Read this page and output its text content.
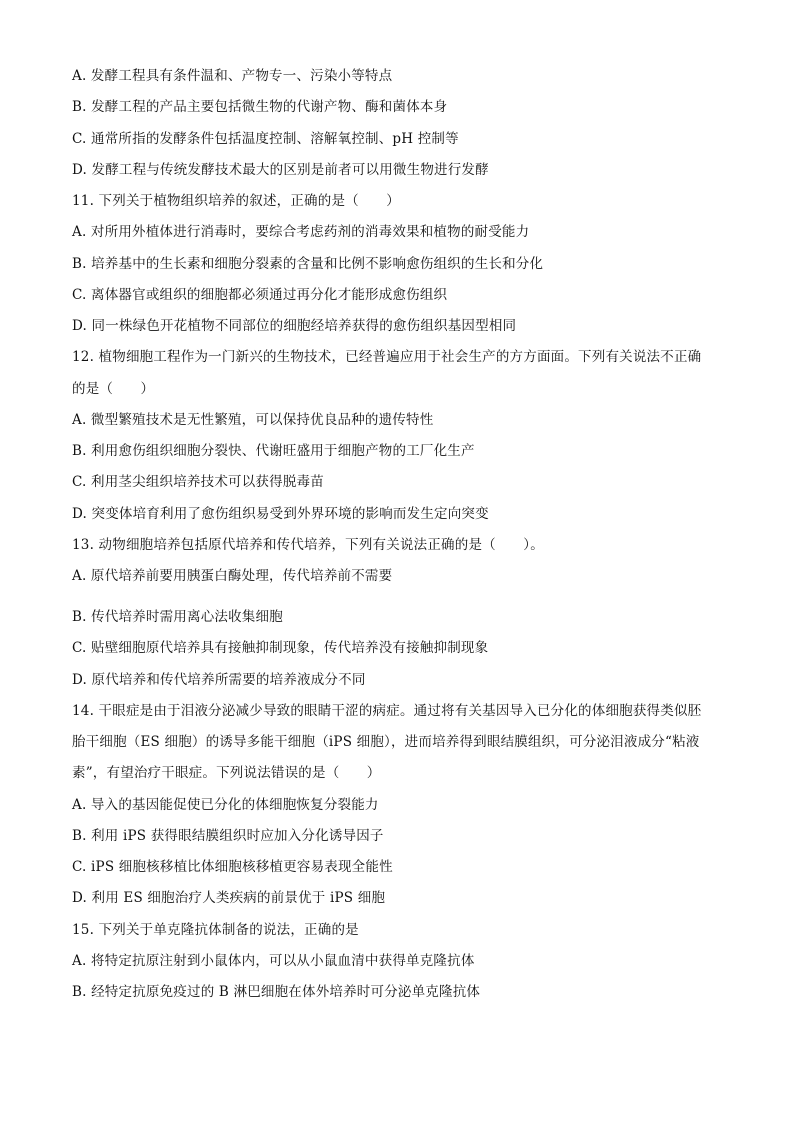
A. 发酵工程具有条件温和、产物专一、污染小等特点
B. 发酵工程的产品主要包括微生物的代谢产物、酶和菌体本身
C. 通常所指的发酵条件包括温度控制、溶解氧控制、pH 控制等
D. 发酵工程与传统发酵技术最大的区别是前者可以用微生物进行发酵
11. 下列关于植物组织培养的叙述，正确的是（　　）
A. 对所用外植体进行消毒时，要综合考虑药剂的消毒效果和植物的耐受能力
B. 培养基中的生长素和细胞分裂素的含量和比例不影响愈伤组织的生长和分化
C. 离体器官或组织的细胞都必须通过再分化才能形成愈伤组织
D. 同一株绿色开花植物不同部位的细胞经培养获得的愈伤组织基因型相同
12. 植物细胞工程作为一门新兴的生物技术，已经普遍应用于社会生产的方方面面。下列有关说法不正确
的是（　　）
A. 微型繁殖技术是无性繁殖，可以保持优良品种的遗传特性
B. 利用愈伤组织细胞分裂快、代谢旺盛用于细胞产物的工厂化生产
C. 利用茎尖组织培养技术可以获得脱毒苗
D. 突变体培育利用了愈伤组织易受到外界环境的影响而发生定向突变
13. 动物细胞培养包括原代培养和传代培养，下列有关说法正确的是（　　）。
A. 原代培养前要用胰蛋白酶处理，传代培养前不需要
B. 传代培养时需用离心法收集细胞
C. 贴壁细胞原代培养具有接触抑制现象，传代培养没有接触抑制现象
D. 原代培养和传代培养所需要的培养液成分不同
14. 干眼症是由于泪液分泌减少导致的眼睛干涩的病症。通过将有关基因导入已分化的体细胞获得类似胚
胎干细胞（ES 细胞）的诱导多能干细胞（iPS 细胞），进而培养得到眼结膜组织，可分泌泪液成分“粘液
素”，有望治疗干眼症。下列说法错误的是（　　）
A. 导入的基因能促使已分化的体细胞恢复分裂能力
B. 利用 iPS 获得眼结膜组织时应加入分化诱导因子
C. iPS 细胞核移植比体细胞核移植更容易表现全能性
D. 利用 ES 细胞治疗人类疾病的前景优于 iPS 细胞
15. 下列关于单克隆抗体制备的说法，正确的是
A. 将特定抗原注射到小鼠体内，可以从小鼠血清中获得单克隆抗体
B. 经特定抗原免疫过的 B 淋巴细胞在体外培养时可分泌单克隆抗体
